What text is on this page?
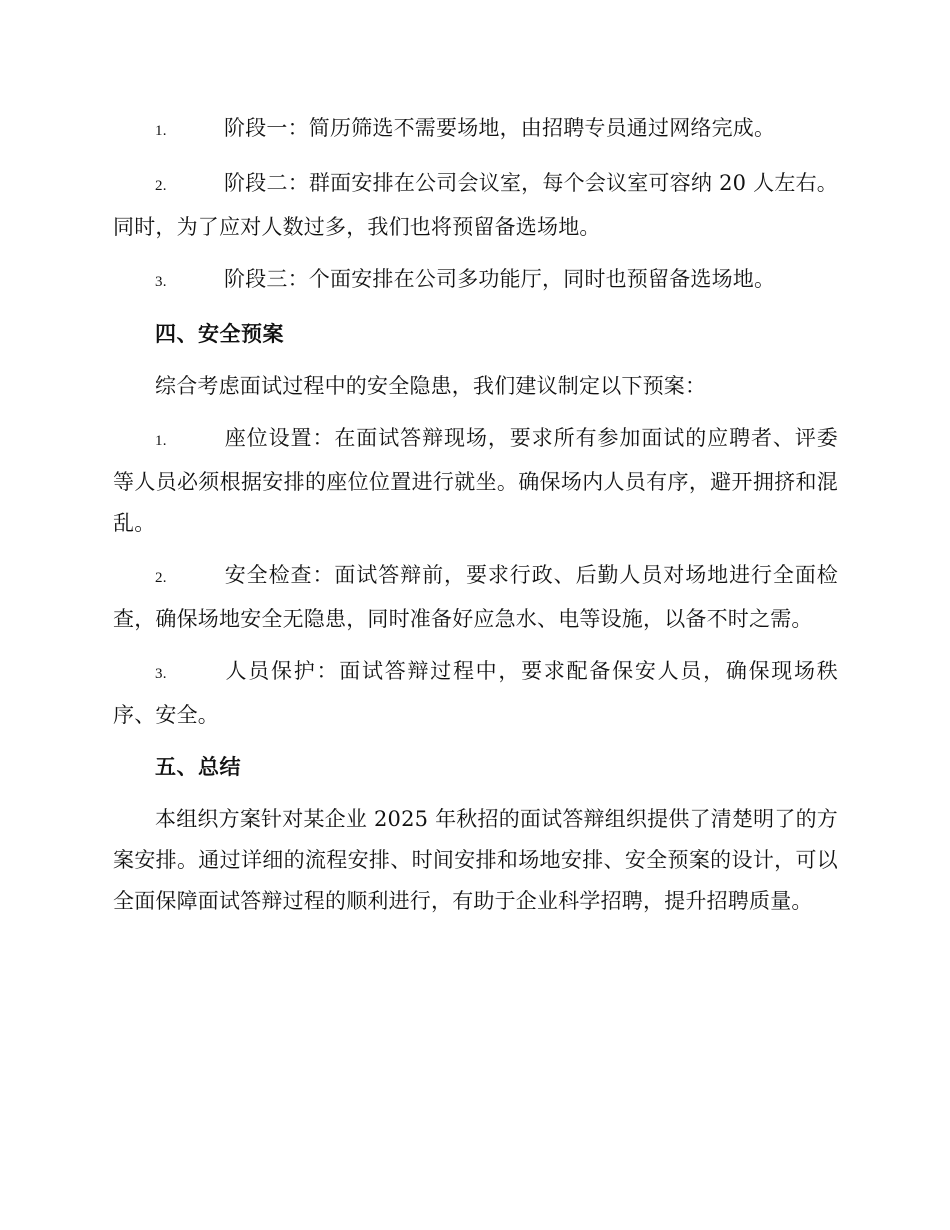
1.	阶段一：简历筛选不需要场地，由招聘专员通过网络完成。

2.	阶段二：群面安排在公司会议室，每个会议室可容纳 20 人左右。同时，为了应对人数过多，我们也将预留备选场地。

3.	阶段三：个面安排在公司多功能厅，同时也预留备选场地。

四、安全预案

综合考虑面试过程中的安全隐患，我们建议制定以下预案：

1.	座位设置：在面试答辩现场，要求所有参加面试的应聘者、评委等人员必须根据安排的座位位置进行就坐。确保场内人员有序，避开拥挤和混乱。

2.	安全检查：面试答辩前，要求行政、后勤人员对场地进行全面检查，确保场地安全无隐患，同时准备好应急水、电等设施，以备不时之需。

3.	人员保护：面试答辩过程中，要求配备保安人员，确保现场秩序、安全。

五、总结

本组织方案针对某企业 2025 年秋招的面试答辩组织提供了清楚明了的方案安排。通过详细的流程安排、时间安排和场地安排、安全预案的设计，可以全面保障面试答辩过程的顺利进行，有助于企业科学招聘，提升招聘质量。
